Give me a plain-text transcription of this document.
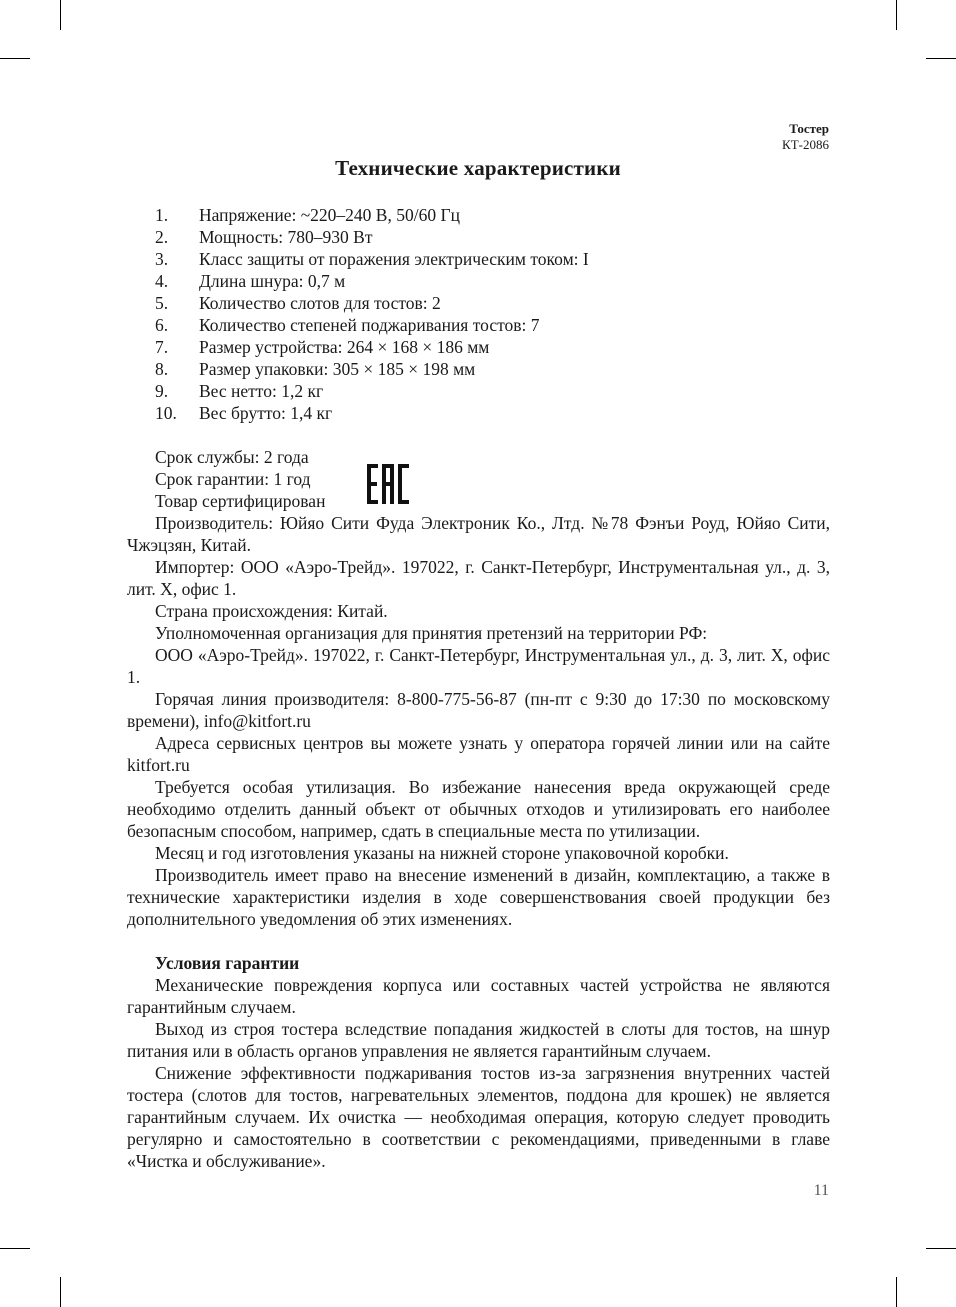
Тостер
КТ-2086
Технические характеристики
1.	Напряжение: ~220–240 В, 50/60 Гц
2.	Мощность: 780–930 Вт
3.	Класс защиты от поражения электрическим током: I
4.	Длина шнура: 0,7 м
5.	Количество слотов для тостов: 2
6.	Количество степеней поджаривания тостов: 7
7.	Размер устройства: 264 × 168 × 186 мм
8.	Размер упаковки: 305 × 185 × 198 мм
9.	Вес нетто: 1,2 кг
10.	Вес брутто: 1,4 кг

Срок службы: 2 года

Срок гарантии: 1 год

Товар сертифицирован

Производитель: Юйяо Сити Фуда Электроник Ко., Лтд. №78 Фэнъи Роуд, Юйяо Сити, Чжэцзян, Китай.

Импортер: ООО «Аэро-Трейд». 197022, г. Санкт-Петербург, Инструментальная ул., д. 3, лит. Х, офис 1.

Страна происхождения: Китай.

Уполномоченная организация для принятия претензий на территории РФ:

ООО «Аэро-Трейд». 197022, г. Санкт-Петербург, Инструментальная ул., д. 3, лит. Х, офис 1.

Горячая линия производителя: 8-800-775-56-87 (пн-пт с 9:30 до 17:30 по московскому времени), info@kitfort.ru

Адреса сервисных центров вы можете узнать у оператора горячей линии или на сайте kitfort.ru

Требуется особая утилизация. Во избежание нанесения вреда окружающей среде необходимо отделить данный объект от обычных отходов и утилизировать его наиболее безопасным способом, например, сдать в специальные места по утилизации.

Месяц и год изготовления указаны на нижней стороне упаковочной коробки.

Производитель имеет право на внесение изменений в дизайн, комплектацию, а также в технические характеристики изделия в ходе совершенствования своей продукции без дополнительного уведомления об этих изменениях.

Условия гарантии

Механические повреждения корпуса или составных частей устройства не являются гарантийным случаем.

Выход из строя тостера вследствие попадания жидкостей в слоты для тостов, на шнур питания или в область органов управления не является гарантийным случаем.

Снижение эффективности поджаривания тостов из-за загрязнения внутренних частей тостера (слотов для тостов, нагревательных элементов, поддона для крошек) не является гарантийным случаем. Их очистка — необходимая операция, которую следует проводить регулярно и самостоятельно в соответствии с рекомендациями, приведенными в главе «Чистка и обслуживание».

11
